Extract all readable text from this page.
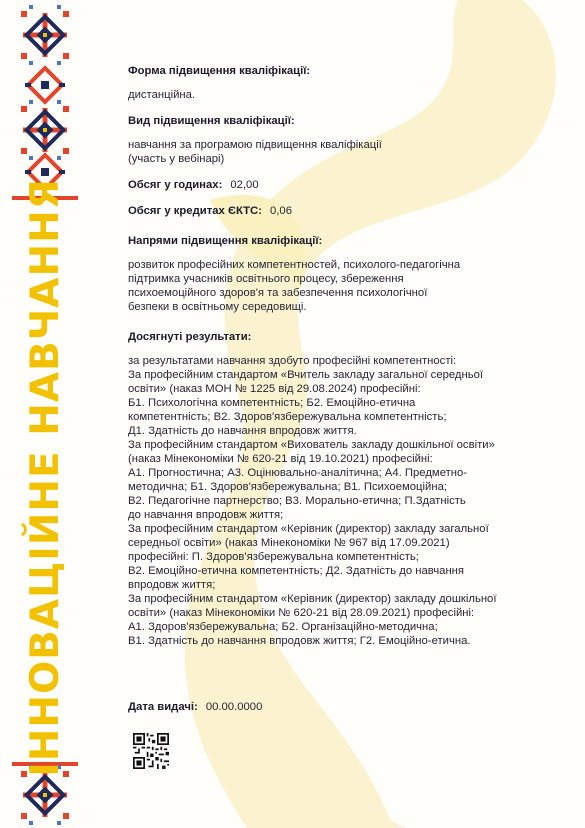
ІННОВАЦІЙНЕ НАВЧАННЯ
Форма підвищення кваліфікації:
дистанційна.
Вид підвищення кваліфікації:
навчання за програмою підвищення кваліфікації
(участь у вебінарі)
Обсяг у годинах: 02,00
Обсяг у кредитах ЄКТС: 0,06
Напрями підвищення кваліфікації:
розвиток професійних компетентностей, психолого-педагогічна
підтримка учасників освітнього процесу, збереження
психоемоційного здоров'я та забезпечення психологічної
безпеки в освітньому середовищі.
Досягнуті результати:
за результатами навчання здобуто професійні компетентності:
За професійним стандартом «Вчитель закладу загальної середньої
освіти» (наказ МОН № 1225 від 29.08.2024) професійні:
Б1. Психологічна компетентність; Б2. Емоційно-етична
компетентність; В2. Здоров'язбережувальна компетентність;
Д1. Здатність до навчання впродовж життя.
За професійним стандартом «Вихователь закладу дошкільної освіти»
(наказ Мінекономіки № 620-21 від 19.10.2021) професійні:
А1. Прогностична; А3. Оцінювально-аналітична; А4. Предметно-
методична; Б1. Здоров'язбережувальна; В1. Психоемоційна;
В2. Педагогічне партнерство; В3. Морально-етична; П.Здатність
до навчання впродовж життя;
За професійним стандартом «Керівник (директор) закладу загальної
середньої освіти» (наказ Мінекономіки № 967 від 17.09.2021)
професійні: П. Здоров'язбережувальна компетентність;
В2. Емоційно-етична компетентність; Д2. Здатність до навчання
впродовж життя;
За професійним стандартом «Керівник (директор) закладу дошкільної
освіти» (наказ Мінекономіки № 620-21 від 28.09.2021) професійні:
А1. Здоров'язбережувальна; Б2. Організаційно-методична;
В1. Здатність до навчання впродовж життя; Г2. Емоційно-етична.
Дата видачі: 00.00.0000
